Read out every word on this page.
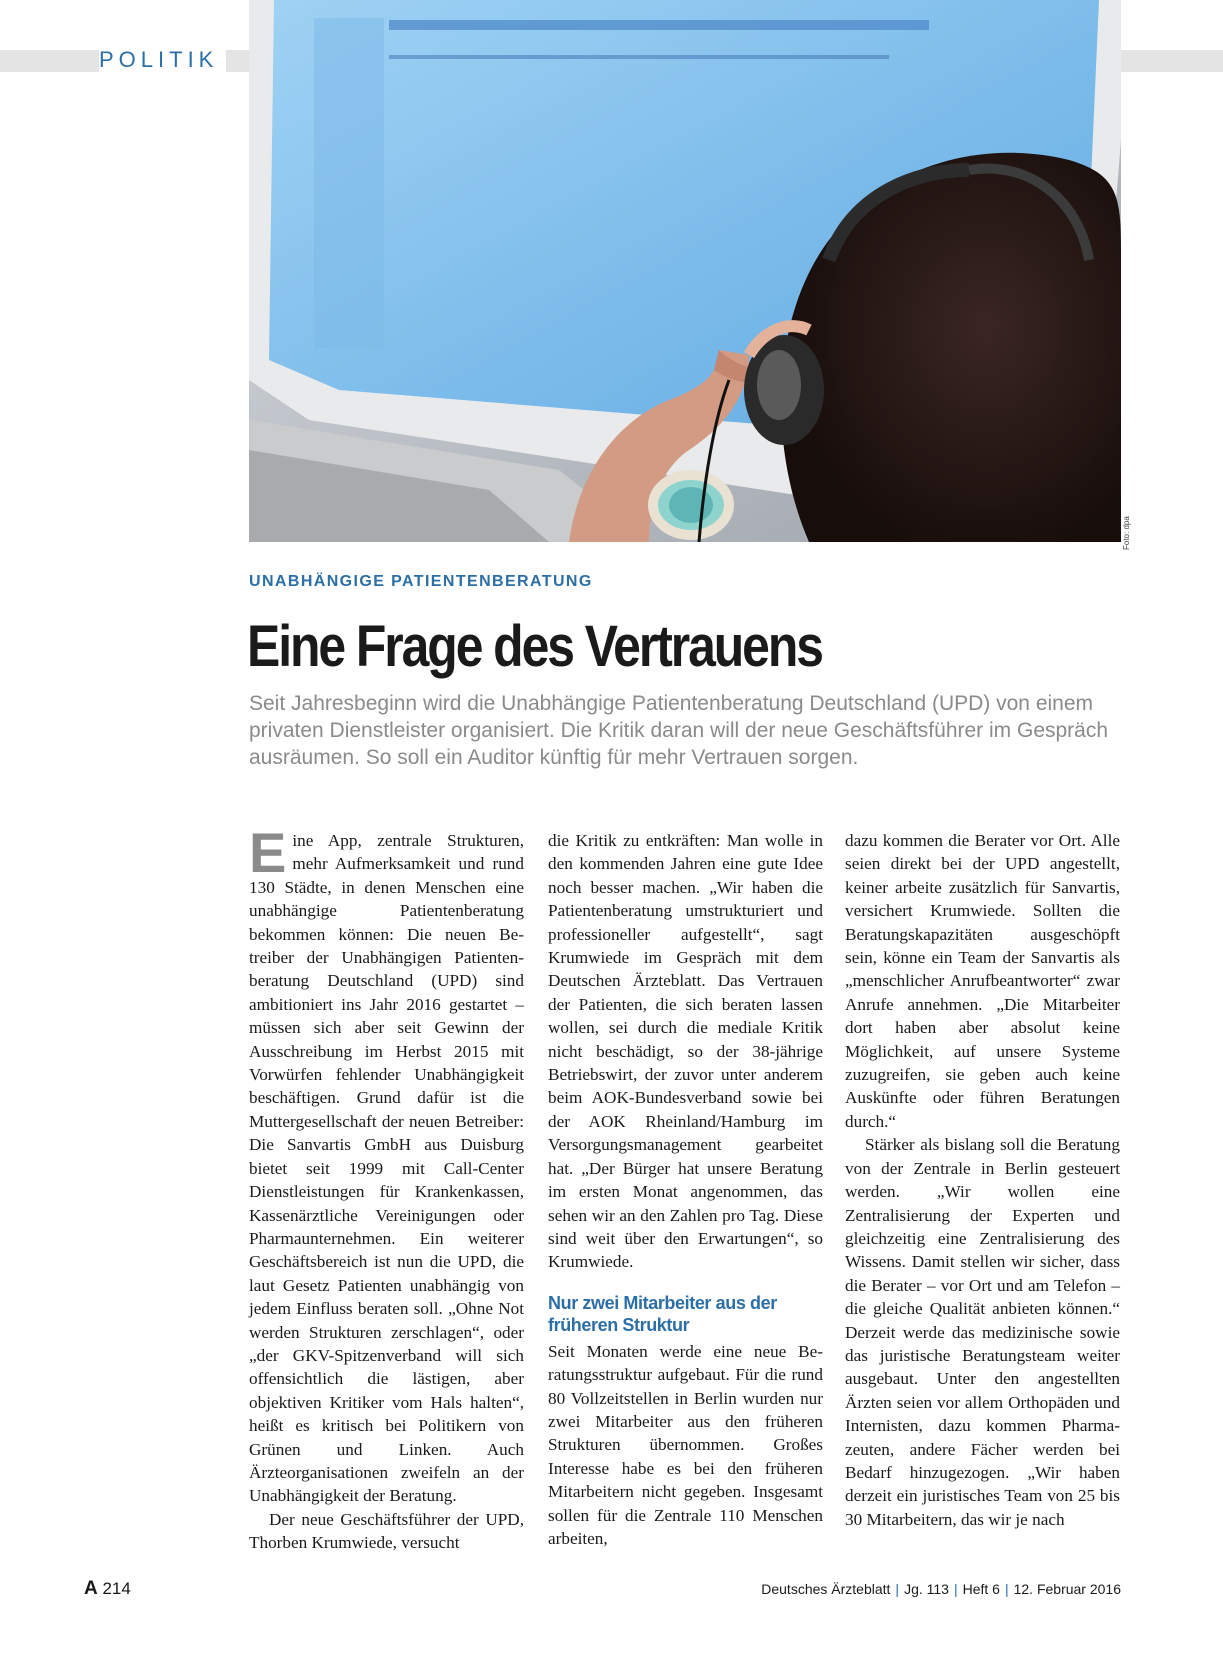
POLITIK
Foto: dpa
UNABHÄNGIGE PATIENTENBERATUNG
Eine Frage des Vertrauens
Seit Jahresbeginn wird die Unabhängige Patientenberatung Deutschland (UPD) von einem privaten Dienstleister organisiert. Die Kritik daran will der neue Geschäftsführer im Gespräch ausräumen. So soll ein Auditor künftig für mehr Vertrauen sorgen.

Eine App, zentrale Strukturen, mehr Aufmerksamkeit und rund 130 Städte, in denen Menschen eine unabhängige Patientenberatung bekommen können: Die neuen Betreiber der Unabhängigen Patientenberatung Deutschland (UPD) sind ambitioniert ins Jahr 2016 gestartet – müssen sich aber seit Gewinn der Ausschreibung im Herbst 2015 mit Vorwürfen fehlender Unabhängigkeit beschäftigen. Grund dafür ist die Muttergesellschaft der neuen Betreiber: Die Sanvartis GmbH aus Duisburg bietet seit 1999 mit Call-Center Dienstleistungen für Krankenkassen, Kassenärztliche Vereinigungen oder Pharmaunternehmen. Ein weiterer Geschäftsbereich ist nun die UPD, die laut Gesetz Patienten unabhängig von jedem Einfluss beraten soll. „Ohne Not werden Strukturen zerschlagen“, oder „der GKV-Spitzenverband will sich offensichtlich die lästigen, aber objektiven Kritiker vom Hals halten“, heißt es kritisch bei Politikern von Grünen und Linken. Auch Ärzteorganisationen zweifeln an der Unabhängigkeit der Beratung.

Der neue Geschäftsführer der UPD, Thorben Krumwiede, versucht

die Kritik zu entkräften: Man wolle in den kommenden Jahren eine gute Idee noch besser machen. „Wir haben die Patientenberatung umstrukturiert und professioneller aufgestellt“, sagt Krumwiede im Gespräch mit dem Deutschen Ärzteblatt. Das Vertrauen der Patienten, die sich beraten lassen wollen, sei durch die mediale Kritik nicht beschädigt, so der 38-jährige Betriebswirt, der zuvor unter anderem beim AOK-Bundesverband sowie bei der AOK Rheinland/Hamburg im Versorgungsmanagement gearbeitet hat. „Der Bürger hat unsere Beratung im ersten Monat angenommen, das sehen wir an den Zahlen pro Tag. Diese sind weit über den Erwartungen“, so Krumwiede.

Nur zwei Mitarbeiter aus der früheren Struktur

Seit Monaten werde eine neue Beratungsstruktur aufgebaut. Für die rund 80 Vollzeitstellen in Berlin wurden nur zwei Mitarbeiter aus den früheren Strukturen übernommen. Großes Interesse habe es bei den früheren Mitarbeitern nicht gegeben. Insgesamt sollen für die Zentrale 110 Menschen arbeiten,

dazu kommen die Berater vor Ort. Alle seien direkt bei der UPD angestellt, keiner arbeite zusätzlich für Sanvartis, versichert Krumwiede. Sollten die Beratungskapazitäten ausgeschöpft sein, könne ein Team der Sanvartis als „menschlicher Anrufbeantworter“ zwar Anrufe annehmen. „Die Mitarbeiter dort haben aber absolut keine Möglichkeit, auf unsere Systeme zuzugreifen, sie geben auch keine Auskünfte oder führen Beratungen durch.“

Stärker als bislang soll die Beratung von der Zentrale in Berlin gesteuert werden. „Wir wollen eine Zentralisierung der Experten und gleichzeitig eine Zentralisierung des Wissens. Damit stellen wir sicher, dass die Berater – vor Ort und am Telefon – die gleiche Qualität anbieten können.“ Derzeit werde das medizinische sowie das juristische Beratungsteam weiter ausgebaut. Unter den angestellten Ärzten seien vor allem Orthopäden und Internisten, dazu kommen Pharmazeuten, andere Fächer werden bei Bedarf hinzugezogen. „Wir haben derzeit ein juristisches Team von 25 bis 30 Mitarbeitern, das wir je nach

A 214	Deutsches Ärzteblatt | Jg. 113 | Heft 6 | 12. Februar 2016
